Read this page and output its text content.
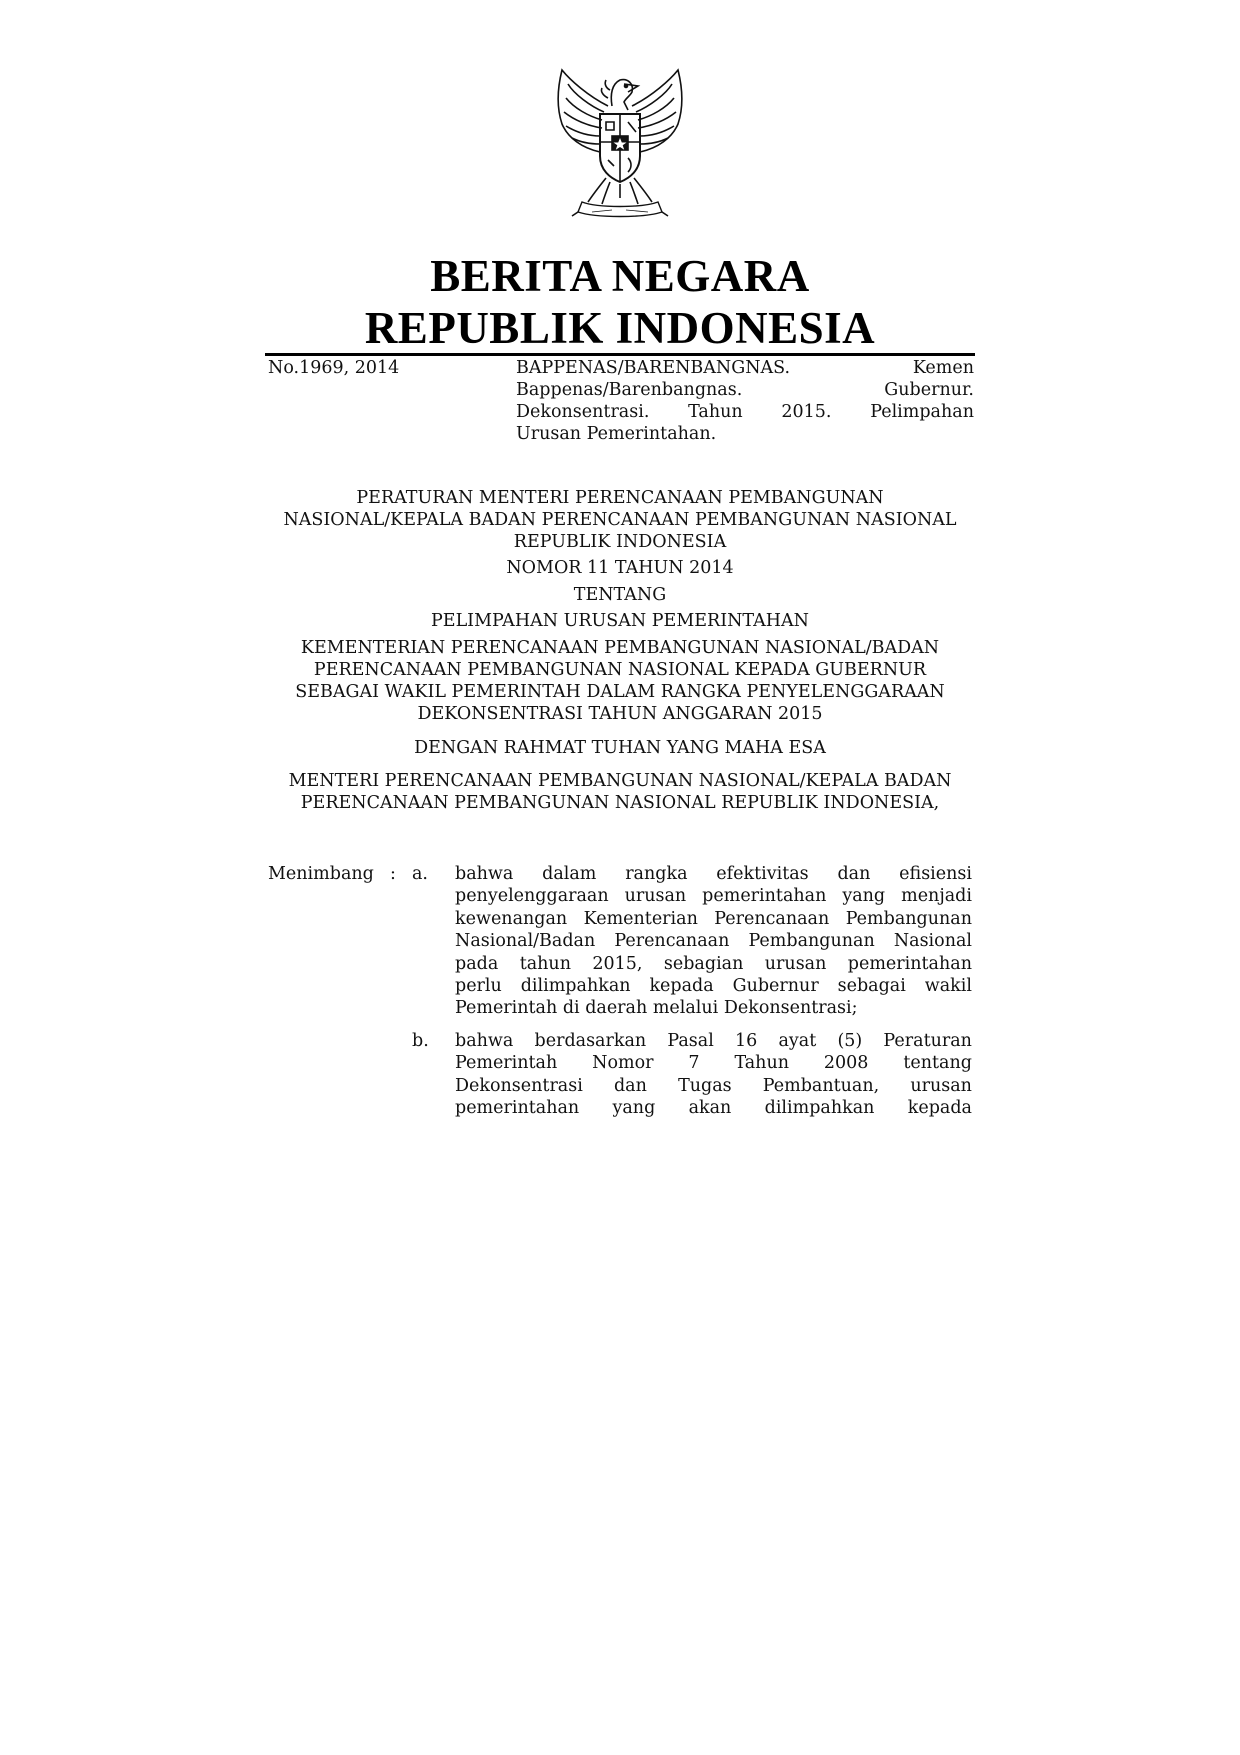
BERITA NEGARA
REPUBLIK INDONESIA
No.1969, 2014	BAPPENAS/BARENBANGNAS.	Kemen
Bappenas/Barenbangnas.	Gubernur.
Dekonsentrasi. Tahun 2015. Pelimpahan
Urusan Pemerintahan.
PERATURAN MENTERI PERENCANAAN PEMBANGUNAN
NASIONAL/KEPALA BADAN PERENCANAAN PEMBANGUNAN NASIONAL
REPUBLIK INDONESIA
NOMOR 11 TAHUN 2014
TENTANG
PELIMPAHAN URUSAN PEMERINTAHAN
KEMENTERIAN PERENCANAAN PEMBANGUNAN NASIONAL/BADAN
PERENCANAAN PEMBANGUNAN NASIONAL KEPADA GUBERNUR
SEBAGAI WAKIL PEMERINTAH DALAM RANGKA PENYELENGGARAAN
DEKONSENTRASI TAHUN ANGGARAN 2015
DENGAN RAHMAT TUHAN YANG MAHA ESA
MENTERI PERENCANAAN PEMBANGUNAN NASIONAL/KEPALA BADAN
PERENCANAAN PEMBANGUNAN NASIONAL REPUBLIK INDONESIA,
Menimbang : a. bahwa dalam rangka efektivitas dan efisiensi
penyelenggaraan urusan pemerintahan yang menjadi
kewenangan Kementerian Perencanaan Pembangunan
Nasional/Badan Perencanaan Pembangunan Nasional
pada tahun 2015, sebagian urusan pemerintahan
perlu dilimpahkan kepada Gubernur sebagai wakil
Pemerintah di daerah melalui Dekonsentrasi;
b. bahwa berdasarkan Pasal 16 ayat (5) Peraturan
Pemerintah Nomor 7 Tahun 2008 tentang
Dekonsentrasi dan Tugas Pembantuan, urusan
pemerintahan yang akan dilimpahkan kepada
